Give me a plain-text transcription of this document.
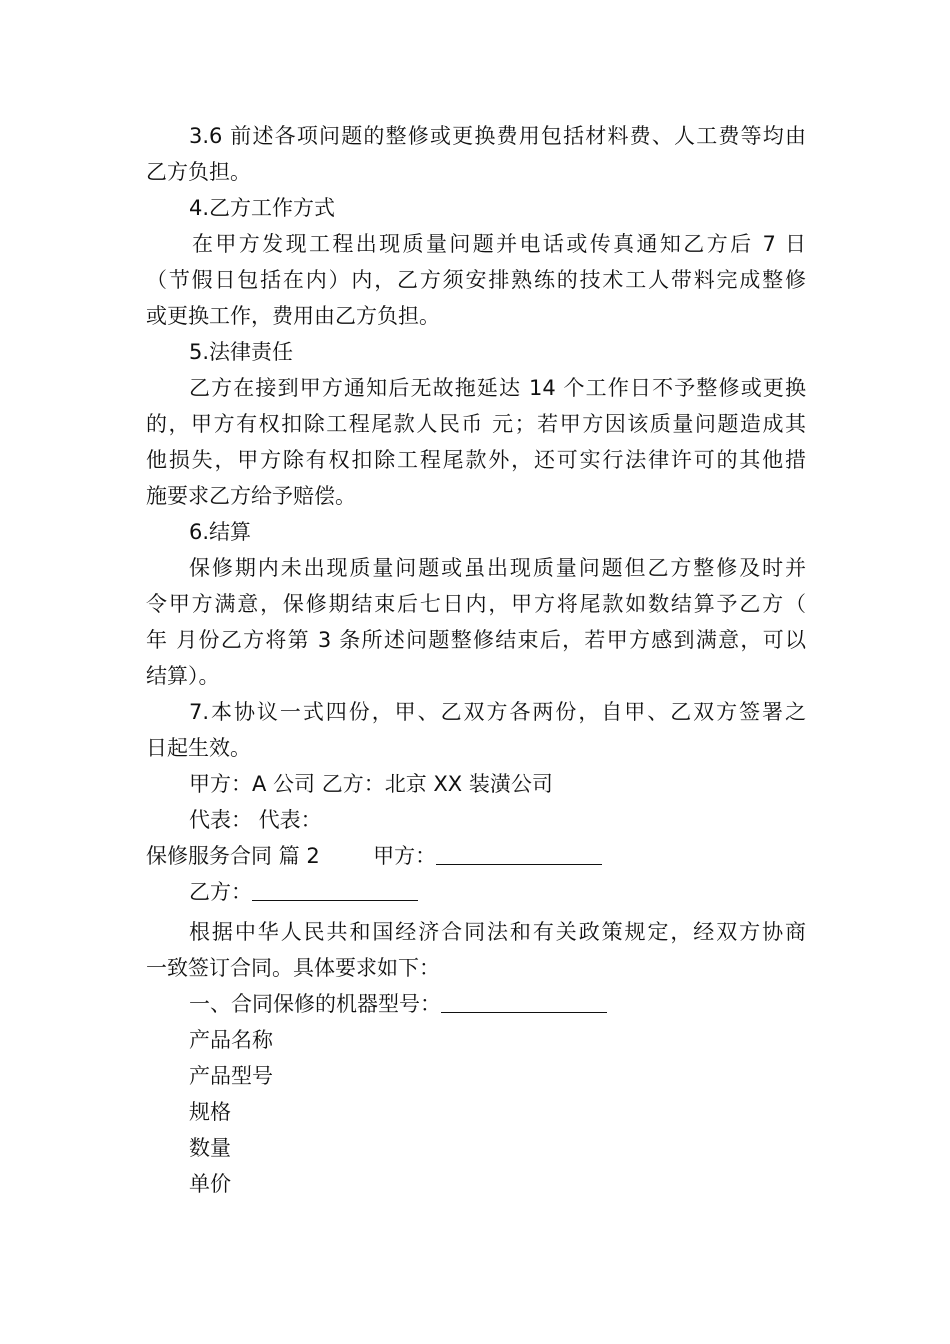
3.6 前述各项问题的整修或更换费用包括材料费、人工费等均由
乙方负担。
4.乙方工作方式
在甲方发现工程出现质量问题并电话或传真通知乙方后 7 日
（节假日包括在内）内，乙方须安排熟练的技术工人带料完成整修
或更换工作，费用由乙方负担。
5.法律责任
乙方在接到甲方通知后无故拖延达 14 个工作日不予整修或更换
的，甲方有权扣除工程尾款人民币 元；若甲方因该质量问题造成其
他损失，甲方除有权扣除工程尾款外，还可实行法律许可的其他措
施要求乙方给予赔偿。
6.结算
保修期内未出现质量问题或虽出现质量问题但乙方整修及时并
令甲方满意，保修期结束后七日内，甲方将尾款如数结算予乙方（
年 月份乙方将第 3 条所述问题整修结束后，若甲方感到满意，可以
结算）。
7.本协议一式四份，甲、乙双方各两份，自甲、乙双方签署之
日起生效。
甲方：A 公司 乙方：北京 XX 装潢公司
代表： 代表：
保修服务合同 篇 2	甲方：
乙方：
根据中华人民共和国经济合同法和有关政策规定，经双方协商
一致签订合同。具体要求如下：
一、合同保修的机器型号：
产品名称
产品型号
规格
数量
单价
